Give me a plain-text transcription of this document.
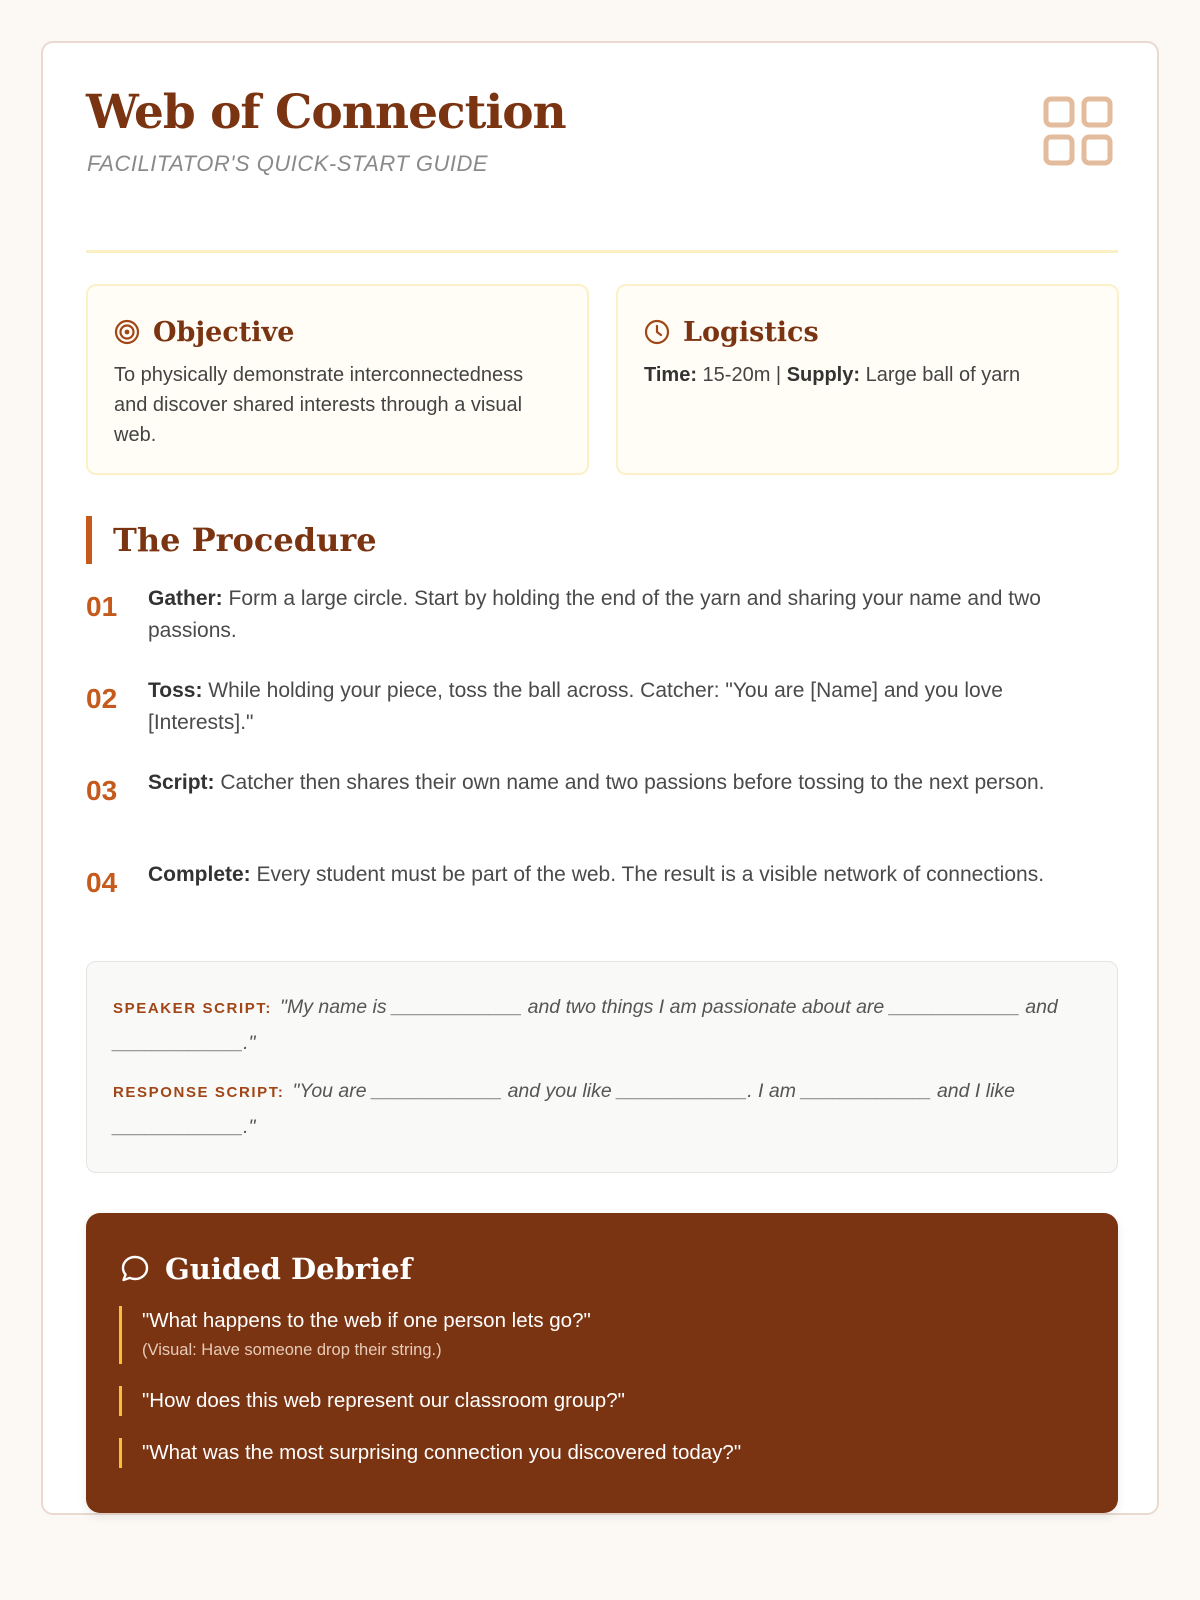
Web of Connection
FACILITATOR'S QUICK-START GUIDE
Objective
To physically demonstrate interconnectedness and discover shared interests through a visual web.
Logistics
Time: 15-20m | Supply: Large ball of yarn
The Procedure
01 Gather: Form a large circle. Start by holding the end of the yarn and sharing your name and two passions.
02 Toss: While holding your piece, toss the ball across. Catcher: "You are [Name] and you love [Interests]."
03 Script: Catcher then shares their own name and two passions before tossing to the next person.
04 Complete: Every student must be part of the web. The result is a visible network of connections.
SPEAKER SCRIPT: "My name is ____________ and two things I am passionate about are ____________ and ____________."
RESPONSE SCRIPT: "You are ____________ and you like ____________. I am ____________ and I like ____________."
Guided Debrief
"What happens to the web if one person lets go?"
(Visual: Have someone drop their string.)
"How does this web represent our classroom group?"
"What was the most surprising connection you discovered today?"
